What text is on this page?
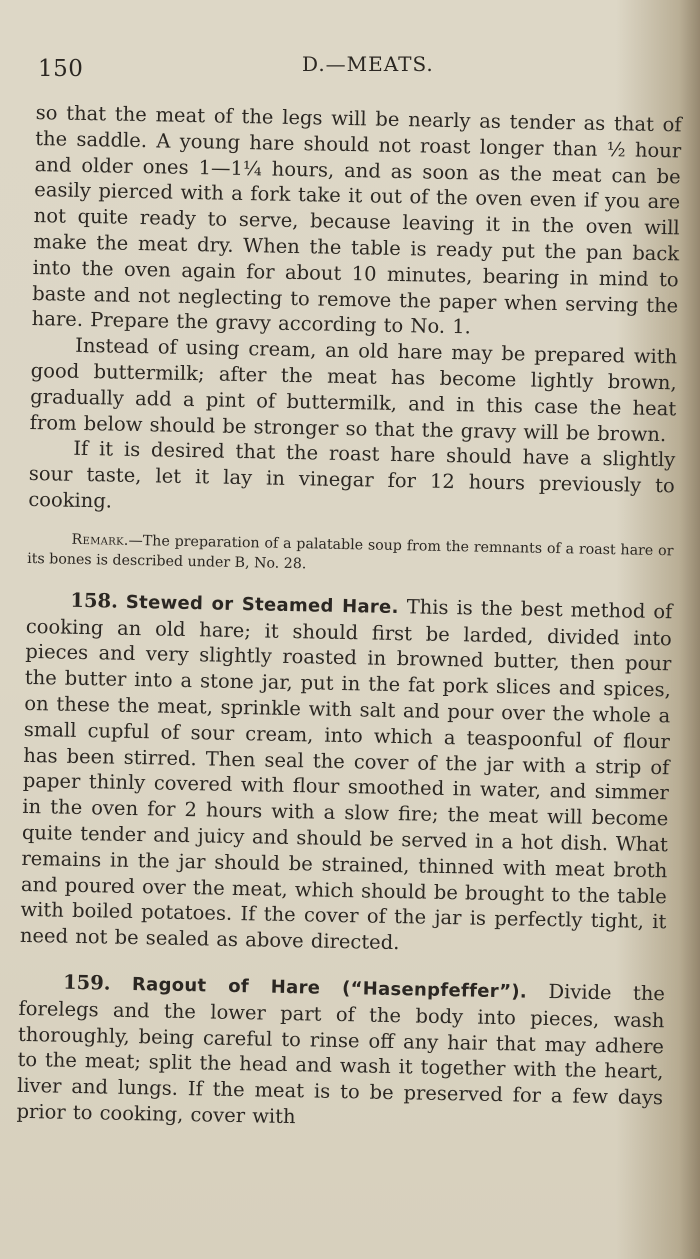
150	D.—MEATS.

so that the meat of the legs will be nearly as tender as that of the saddle. A young hare should not roast longer than ½ hour and older ones 1—1¼ hours, and as soon as the meat can be easily pierced with a fork take it out of the oven even if you are not quite ready to serve, because leaving it in the oven will make the meat dry. When the table is ready put the pan back into the oven again for about 10 minutes, bearing in mind to baste and not neglecting to remove the paper when serving the hare. Prepare the gravy according to No. 1.

Instead of using cream, an old hare may be prepared with good buttermilk; after the meat has become lightly brown, gradually add a pint of buttermilk, and in this case the heat from below should be stronger so that the gravy will be brown.

If it is desired that the roast hare should have a slightly sour taste, let it lay in vinegar for 12 hours previously to cooking.

Remark.—The preparation of a palatable soup from the remnants of a roast hare or its bones is described under B, No. 28.

158. Stewed or Steamed Hare. This is the best method of cooking an old hare; it should first be larded, divided into pieces and very slightly roasted in browned butter, then pour the butter into a stone jar, put in the fat pork slices and spices, on these the meat, sprinkle with salt and pour over the whole a small cupful of sour cream, into which a teaspoonful of flour has been stirred. Then seal the cover of the jar with a strip of paper thinly covered with flour smoothed in water, and simmer in the oven for 2 hours with a slow fire; the meat will become quite tender and juicy and should be served in a hot dish. What remains in the jar should be strained, thinned with meat broth and poured over the meat, which should be brought to the table with boiled potatoes. If the cover of the jar is perfectly tight, it need not be sealed as above directed.

159. Ragout of Hare (“Hasenpfeffer”). Divide the forelegs and the lower part of the body into pieces, wash thoroughly, being careful to rinse off any hair that may adhere to the meat; split the head and wash it together with the heart, liver and lungs. If the meat is to be preserved for a few days prior to cooking, cover with
